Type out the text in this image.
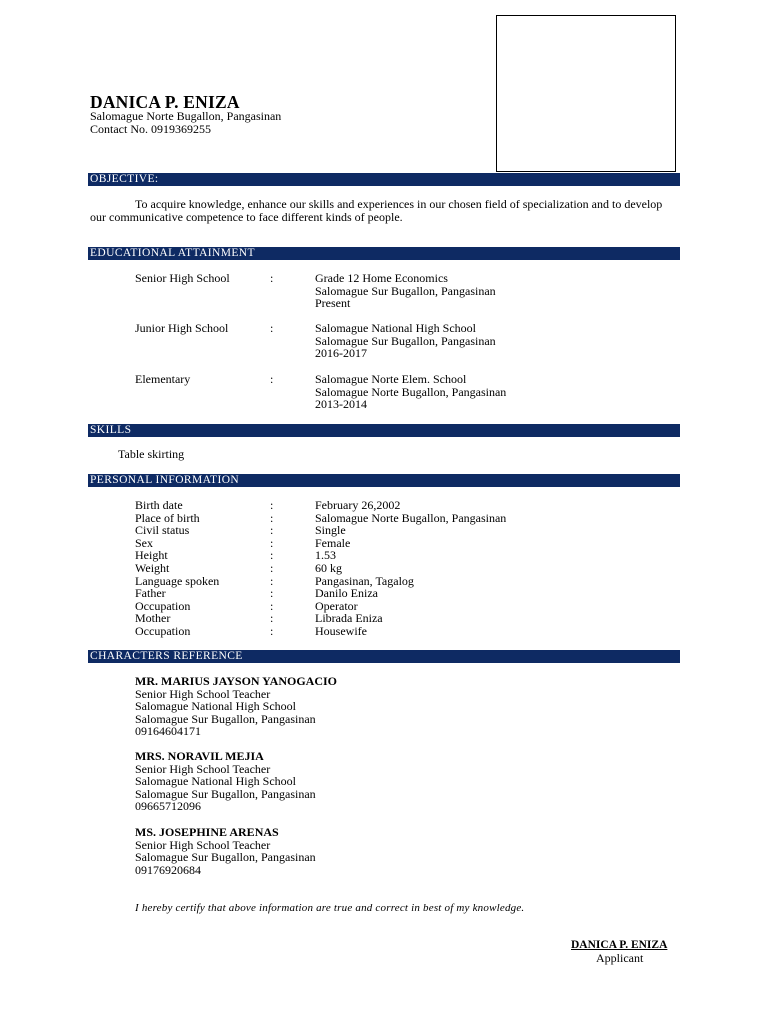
DANICA P. ENIZA
Salomague Norte Bugallon, Pangasinan
Contact No. 0919369255
OBJECTIVE:
To acquire knowledge, enhance our skills and experiences in our chosen field of specialization and to develop our communicative competence to face different kinds of people.
EDUCATIONAL ATTAINMENT
Senior High School	:	Grade 12 Home Economics
Salomague Sur Bugallon, Pangasinan
Present
Junior High School	:	Salomague National High School
Salomague Sur Bugallon, Pangasinan
2016-2017
Elementary	:	Salomague Norte Elem. School
Salomague Norte Bugallon, Pangasinan
2013-2014
SKILLS
Table skirting
PERSONAL INFORMATION
Birth date	:	February 26,2002
Place of birth	:	Salomague Norte Bugallon, Pangasinan
Civil status	:	Single
Sex	:	Female
Height	:	1.53
Weight	:	60 kg
Language spoken	:	Pangasinan, Tagalog
Father	:	Danilo Eniza
Occupation	:	Operator
Mother	:	Librada Eniza
Occupation	:	Housewife
CHARACTERS REFERENCE
MR. MARIUS JAYSON YANOGACIO
Senior High School Teacher
Salomague National High School
Salomague Sur Bugallon, Pangasinan
09164604171
MRS. NORAVIL MEJIA
Senior High School Teacher
Salomague National High School
Salomague Sur Bugallon, Pangasinan
09665712096
MS. JOSEPHINE ARENAS
Senior High School Teacher
Salomague Sur Bugallon, Pangasinan
09176920684
I hereby certify that above information are true and correct in best of my knowledge.
DANICA P. ENIZA
Applicant
